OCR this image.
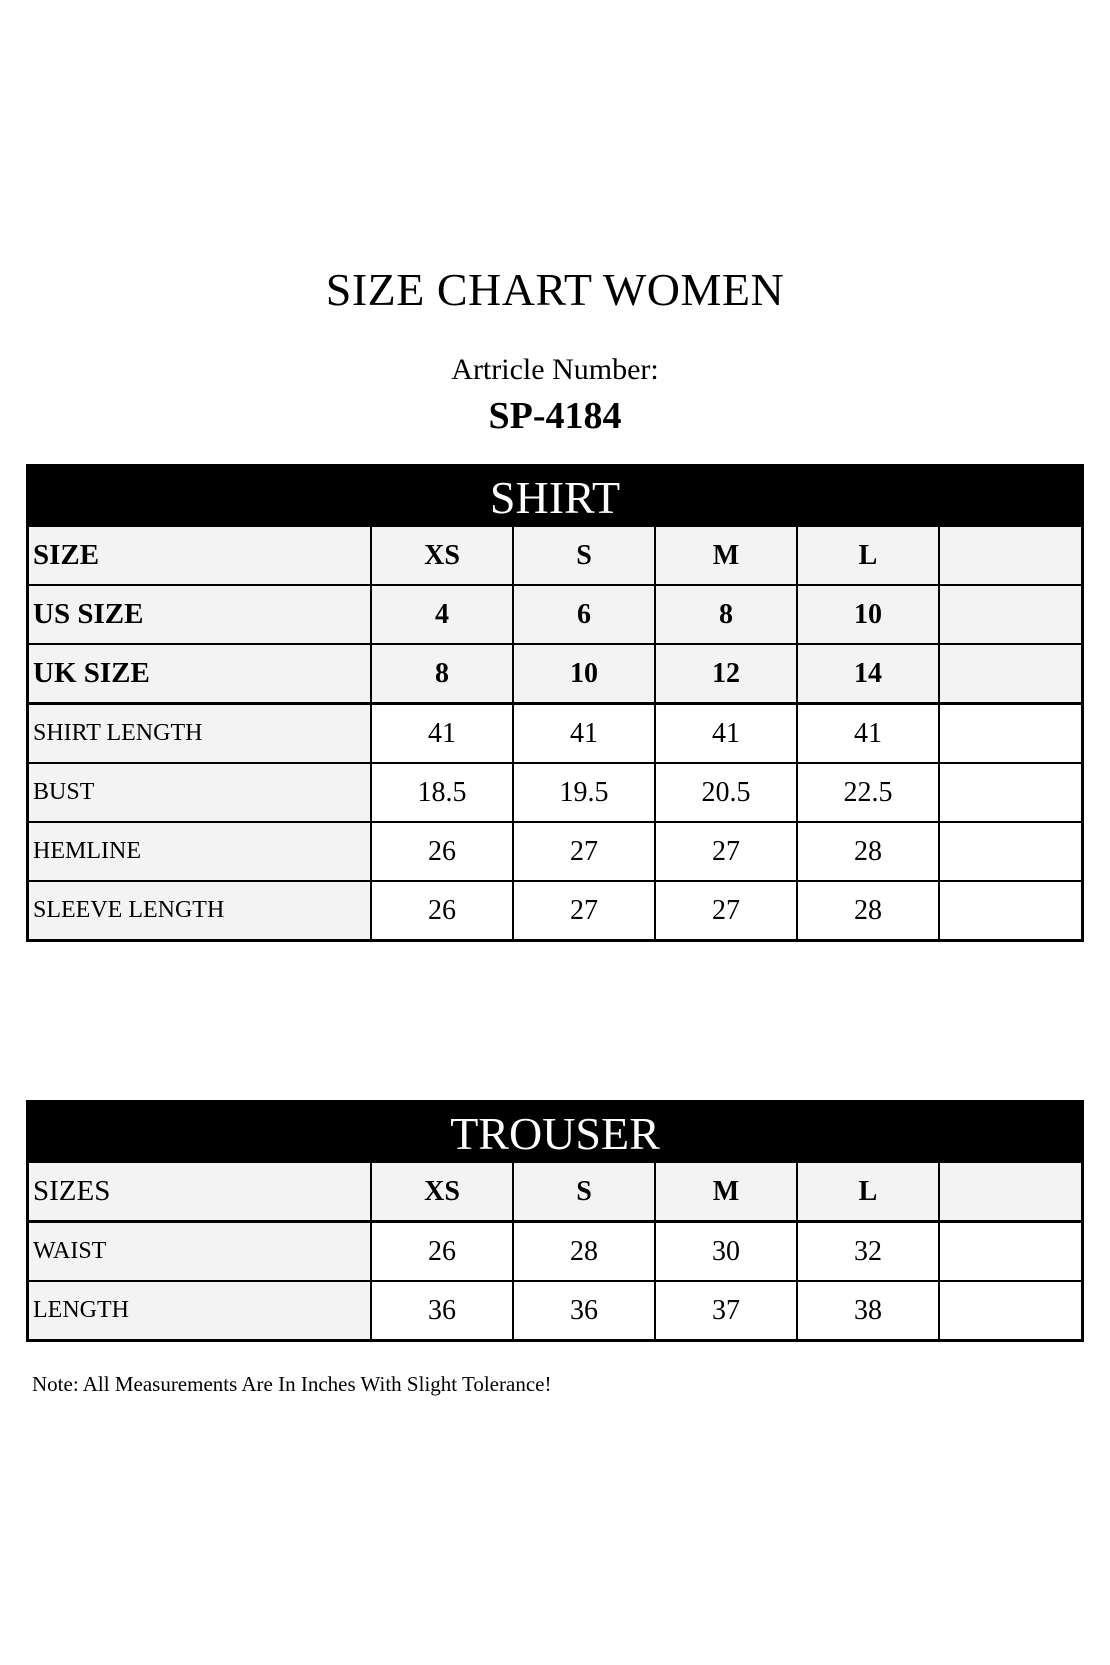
SIZE CHART WOMEN
Artricle Number:
SP-4184
SHIRT
SIZE	XS	S	M	L	
US SIZE	4	6	8	10	
UK SIZE	8	10	12	14	
SHIRT LENGTH	41	41	41	41	
BUST	18.5	19.5	20.5	22.5	
HEMLINE	26	27	27	28	
SLEEVE LENGTH	26	27	27	28	
TROUSER
SIZES	XS	S	M	L	
WAIST	26	28	30	32	
LENGTH	36	36	37	38	
Note: All Measurements Are In Inches With Slight Tolerance!
